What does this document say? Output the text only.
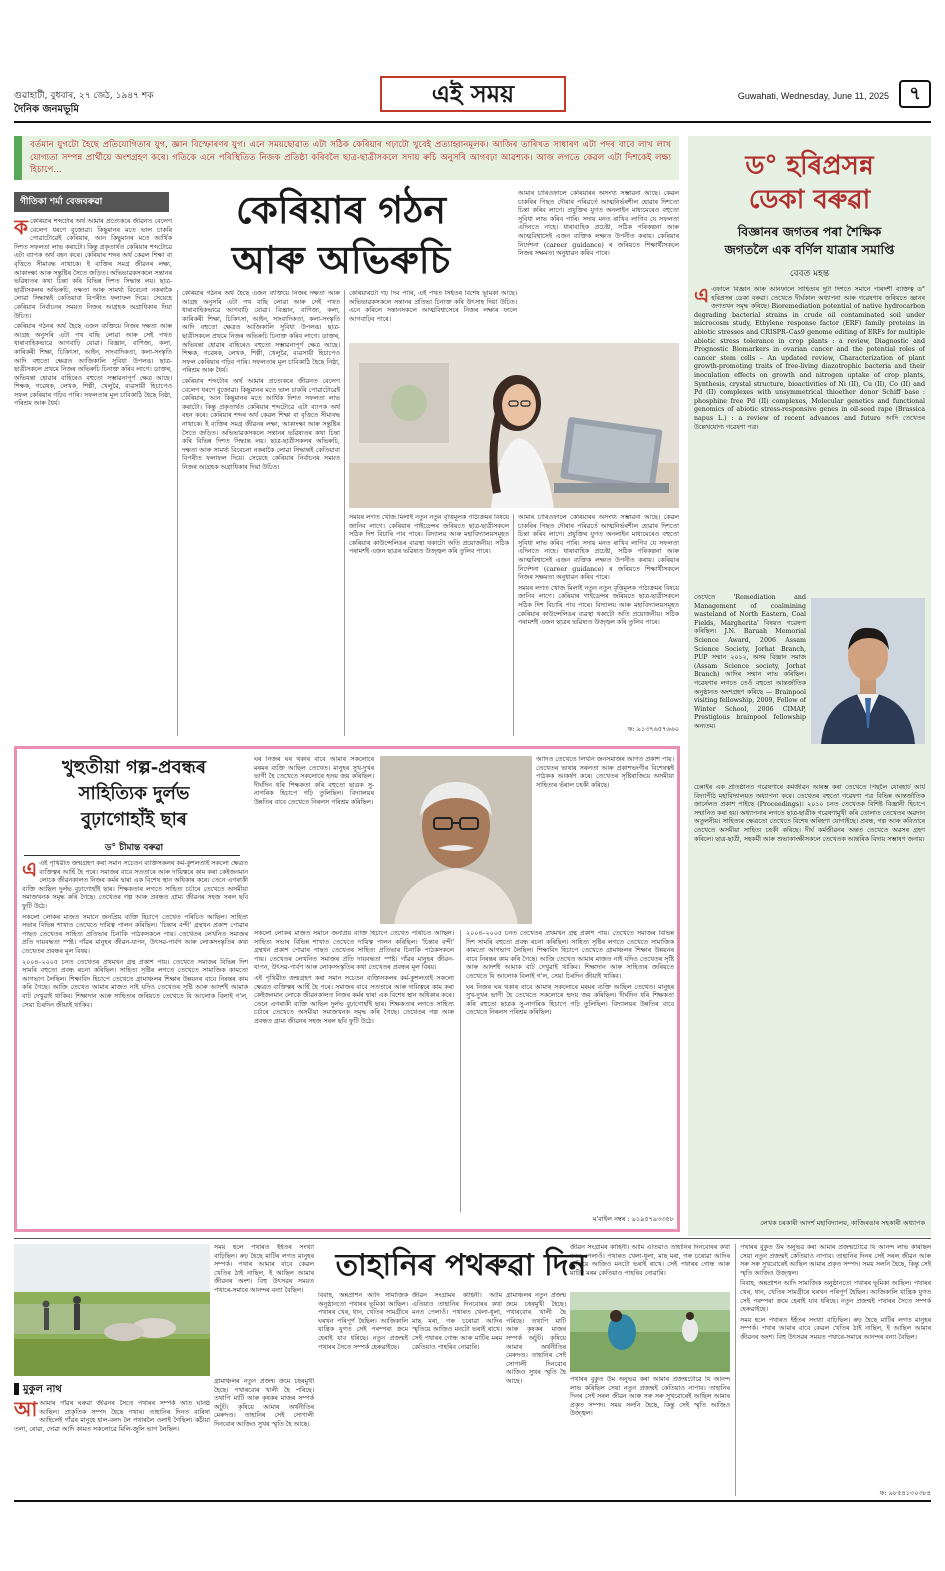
গুৱাহাটী, বুধবাৰ, ২৭ জেঠ, ১৯৪৭ শক
দৈনিক জনমভূমি
এই সময়	Guwahati, Wednesday, June 11, 2025	৭
বৰ্তমান যুগটো হৈছে প্ৰতিযোগিতাৰ যুগ, জ্ঞান বিস্ফোৰণৰ যুগ। এনে সময়ছোৱাত এটা সঠিক কেৰিয়াৰ গঢ়াটো খুবেই প্ৰত্যাহ্বানমূলক। আজিৰ তাৰিখত সাধাৰণ এটা পদৰ বাবে লাখ লাখ যোগ্যতা সম্পন্ন প্ৰাৰ্থীয়ে অংশগ্ৰহণ কৰে। গতিকে এনে পৰিস্থিতিত নিজক প্ৰতিষ্ঠা কৰিবলৈ ছাত্ৰ-ছাত্ৰীসকলে সদায় ৰুচি অনুসৰি আগবঢ়া আৱশ্যক। আজ লগতে কেৱল এটা দিশকেই লক্ষ্য হিচাপে...
গীতিকা শৰ্মা বেজবৰুৱা	কেৰিয়াৰ গঠন
আৰু অভিৰুচি
ক কেৰিয়াৰ শব্দটোৰ অৰ্থ আমাৰ প্ৰত্যেকৰে জীৱনত বেলেগ বেলেগ ধৰণে বুজোৱা। কিছুমানৰ মতে ভাল চাকৰি পোৱাটোৱেই কেৰিয়াৰ, আন কিছুমানৰ মতে আৰ্থিক দিশত সফলতা লাভ কৰাটো। কিন্তু প্ৰকৃতাৰ্থত কেৰিয়াৰ শব্দটোৱে এটা ব্যাপক অৰ্থ বহন কৰে। কেৰিয়াৰ শব্দৰ অৰ্থ কেৱল শিক্ষা বা বৃত্তিতে সীমাবদ্ধ নাথাকে। ই ব্যক্তিৰ সমগ্ৰ জীৱনৰ লক্ষ্য, আকাংক্ষা আৰু সন্তুষ্টিৰ সৈতে জড়িত। অভিভাৱকসকলে সন্তানৰ ভৱিষ্যতৰ কথা চিন্তা কৰি বিভিন্ন দিশত সিদ্ধান্ত লয়। ছাত্ৰ-ছাত্ৰীসকলৰ অভিৰুচি, দক্ষতা আৰু সামৰ্থ্য বিবেচনা নকৰাকৈ লোৱা সিদ্ধান্তই কেতিয়াবা বিপৰীত ফলাফল দিয়ে। সেয়েহে কেৰিয়াৰ নিৰ্বাচনৰ সময়ত নিজৰ আগ্ৰহক অগ্ৰাধিকাৰ দিয়া উচিত।

কেৰিয়াৰ গঠনৰ অৰ্থ হৈছে এজন ব্যক্তিয়ে নিজৰ দক্ষতা আৰু আগ্ৰহ অনুসৰি এটা পথ বাছি লোৱা আৰু সেই পথত ধাৰাবাহিকভাৱে আগবাঢ়ি যোৱা। বিজ্ঞান, বাণিজ্য, কলা, কাৰিকৰী শিক্ষা, চিকিৎসা, আইন, সাংবাদিকতা, কলা-সংস্কৃতি আদি বহুতো ক্ষেত্ৰত আজিকালি সুবিধা উপলব্ধ। ছাত্ৰ-ছাত্ৰীসকলে প্ৰথমে নিজৰ অভিৰুচি চিনাক্ত কৰিব লাগে। ডাক্তৰ, অভিযন্তা হোৱাৰ বাহিৰেও বহুতো সম্ভাৱনাপূৰ্ণ ক্ষেত্ৰ আছে। শিক্ষক, গৱেষক, লেখক, শিল্পী, খেলুৱৈ, ব্যৱসায়ী হিচাপেও সফল কেৰিয়াৰ গঢ়িব পাৰি। সফলতাৰ মূল চাবিকাঠি হৈছে নিষ্ঠা, পৰিশ্ৰম আৰু ধৈৰ্য।
কেৰিয়াৰ গঠনৰ অৰ্থ হৈছে এজন ব্যক্তিয়ে নিজৰ দক্ষতা আৰু আগ্ৰহ অনুসৰি এটা পথ বাছি লোৱা আৰু সেই পথত ধাৰাবাহিকভাৱে আগবাঢ়ি যোৱা। বিজ্ঞান, বাণিজ্য, কলা, কাৰিকৰী শিক্ষা, চিকিৎসা, আইন, সাংবাদিকতা, কলা-সংস্কৃতি আদি বহুতো ক্ষেত্ৰত আজিকালি সুবিধা উপলব্ধ। ছাত্ৰ-ছাত্ৰীসকলে প্ৰথমে নিজৰ অভিৰুচি চিনাক্ত কৰিব লাগে। ডাক্তৰ, অভিযন্তা হোৱাৰ বাহিৰেও বহুতো সম্ভাৱনাপূৰ্ণ ক্ষেত্ৰ আছে। শিক্ষক, গৱেষক, লেখক, শিল্পী, খেলুৱৈ, ব্যৱসায়ী হিচাপেও সফল কেৰিয়াৰ গঢ়িব পাৰি। সফলতাৰ মূল চাবিকাঠি হৈছে নিষ্ঠা, পৰিশ্ৰম আৰু ধৈৰ্য।

কেৰিয়াৰ শব্দটোৰ অৰ্থ আমাৰ প্ৰত্যেকৰে জীৱনত বেলেগ বেলেগ ধৰণে বুজোৱা। কিছুমানৰ মতে ভাল চাকৰি পোৱাটোৱেই কেৰিয়াৰ, আন কিছুমানৰ মতে আৰ্থিক দিশত সফলতা লাভ কৰাটো। কিন্তু প্ৰকৃতাৰ্থত কেৰিয়াৰ শব্দটোৱে এটা ব্যাপক অৰ্থ বহন কৰে। কেৰিয়াৰ শব্দৰ অৰ্থ কেৱল শিক্ষা বা বৃত্তিতে সীমাবদ্ধ নাথাকে। ই ব্যক্তিৰ সমগ্ৰ জীৱনৰ লক্ষ্য, আকাংক্ষা আৰু সন্তুষ্টিৰ সৈতে জড়িত। অভিভাৱকসকলে সন্তানৰ ভৱিষ্যতৰ কথা চিন্তা কৰি বিভিন্ন দিশত সিদ্ধান্ত লয়। ছাত্ৰ-ছাত্ৰীসকলৰ অভিৰুচি, দক্ষতা আৰু সামৰ্থ্য বিবেচনা নকৰাকৈ লোৱা সিদ্ধান্তই কেতিয়াবা বিপৰীত ফলাফল দিয়ে। সেয়েহে কেৰিয়াৰ নিৰ্বাচনৰ সময়ত নিজৰ আগ্ৰহক অগ্ৰাধিকাৰ দিয়া উচিত।
কেৰিয়াৰটো গঢ় দিব পাৰি, এই পথত সিহঁতৰ বিশেষ ভূমিকা আছে। অভিভাৱকসকলে সন্তানৰ প্ৰতিভা চিনাক্ত কৰি উৎসাহ দিয়া উচিত। এনে কৰিলে সন্তানসকলে আত্মবিশ্বাসেৰে নিজৰ লক্ষ্যৰ ফালে আগবাঢ়িব পাৰে।
সময়ৰ লগত খোজ মিলাই নতুন নতুন বৃত্তিমূলক পাঠ্যক্ৰমৰ বিষয়ে জানিব লাগে। কেৰিয়াৰ গাইডেন্সৰ জৰিয়তে ছাত্ৰ-ছাত্ৰীসকলে সঠিক দিশ বিচাৰি পাব পাৰে। বিদ্যালয় আৰু মহাবিদ্যালয়সমূহত কেৰিয়াৰ কাউন্সেলিঙৰ ব্যৱস্থা থকাটো অতি প্ৰয়োজনীয়। সঠিক পৰামৰ্শই এজন ছাত্ৰৰ ভৱিষ্যত উজ্জ্বল কৰি তুলিব পাৰে।
আমাৰ চাৰিওফালে কেৰিয়াৰৰ অসংখ্য সম্ভাৱনা আছে। কেৱল চাকৰিৰ পিছত দৌৰাৰ পৰিৱৰ্তে আত্মনিৰ্ভৰশীল হোৱাৰ দিশতো চিন্তা কৰিব লাগে। প্ৰযুক্তিৰ যুগত অনলাইন মাধ্যমেৰেও বহুতো সুবিধা লাভ কৰিব পাৰি। সদায় মনত ৰাখিব লাগিব যে সফলতা এদিনতে নাহে। ধাৰাবাহিক প্ৰচেষ্টা, সঠিক পৰিকল্পনা আৰু আত্মবিশ্বাসেই এজন ব্যক্তিক লক্ষ্যত উপনীত কৰায়। কেৰিয়াৰ নিৰ্দেশনা (career guidance) ৰ জৰিয়তে শিক্ষাৰ্থীসকলে নিজৰ সক্ষমতা অনুধাৱন কৰিব পাৰে।
আমাৰ চাৰিওফালে কেৰিয়াৰৰ অসংখ্য সম্ভাৱনা আছে। কেৱল চাকৰিৰ পিছত দৌৰাৰ পৰিৱৰ্তে আত্মনিৰ্ভৰশীল হোৱাৰ দিশতো চিন্তা কৰিব লাগে। প্ৰযুক্তিৰ যুগত অনলাইন মাধ্যমেৰেও বহুতো সুবিধা লাভ কৰিব পাৰি। সদায় মনত ৰাখিব লাগিব যে সফলতা এদিনতে নাহে। ধাৰাবাহিক প্ৰচেষ্টা, সঠিক পৰিকল্পনা আৰু আত্মবিশ্বাসেই এজন ব্যক্তিক লক্ষ্যত উপনীত কৰায়। কেৰিয়াৰ নিৰ্দেশনা (career guidance) ৰ জৰিয়তে শিক্ষাৰ্থীসকলে নিজৰ সক্ষমতা অনুধাৱন কৰিব পাৰে।

সময়ৰ লগত খোজ মিলাই নতুন নতুন বৃত্তিমূলক পাঠ্যক্ৰমৰ বিষয়ে জানিব লাগে। কেৰিয়াৰ গাইডেন্সৰ জৰিয়তে ছাত্ৰ-ছাত্ৰীসকলে সঠিক দিশ বিচাৰি পাব পাৰে। বিদ্যালয় আৰু মহাবিদ্যালয়সমূহত কেৰিয়াৰ কাউন্সেলিঙৰ ব্যৱস্থা থকাটো অতি প্ৰয়োজনীয়। সঠিক পৰামৰ্শই এজন ছাত্ৰৰ ভৱিষ্যত উজ্জ্বল কৰি তুলিব পাৰে।
ফ: ৯১৩৭৬৫৭৬৬০
ড° হৰিপ্ৰসন্ন
ডেকা বৰুৱা
বিজ্ঞানৰ জগতৰ পৰা শৈক্ষিক
জগতলৈ এক বৰ্ণিল যাত্ৰাৰ সমাপ্তি
বেবত মহন্ত
এ এফালে বিজ্ঞান আৰু আনফালে সাহিত্যৰ দুটা দিশতে সমানে পাৰদৰ্শী ব্যক্তিত্ব ড° হৰিপ্ৰসন্ন ডেকা বৰুৱা। তেখেতে দীৰ্ঘকাল অধ্যাপনা আৰু গৱেষণাৰ জৰিয়তে জ্ঞানৰ জগতখন সমৃদ্ধ কৰিছে। Bioremediation potential of native hydrocarbon degrading bacterial strains in crude oil contaminated soil under microcosm study, Ethylene response factor (ERF) family proteins in abiotic stresses and CRISPR–Cas9 genome editing of ERFs for multiple abiotic stress tolerance in crop plants : a review, Diagnostic and Prognostic Biomarkers in ovarian cancer and the potential roles of cancer stem cells – An updated review, Characterization of plant growth-promoting traits of free-living diazotrophic bacteria and their inoculation effects on growth and nitrogen uptake of crop plants, Synthesis, crystal structure, bioactivities of Ni (II), Cu (II), Co (II) and Pd (II) complexes with unsymmetrical thioether donor Schiff base : phosphine free Pd (II) complexes, Molecular genetics and functional genomics of abiotic stress-responsive genes in oil-seed rape (Brassica napus L.) : a review of recent advances and future আদি তেখেতৰ উল্লেখযোগ্য গৱেষণা পত্ৰ।
তেখেতে 'Remediation and Management of coalmining wasteland of North Eastern, Coal Fields, Margherita' বিষয়ত গৱেষণা কৰিছিল। J.N. Baruah Memorial Science Award, 2006 Assam Science Society, Jorhat Branch, PUP সম্মান ২০১২, অসম বিজ্ঞান সমাজ (Assam Science society, Jorhat Branch) আদিৰ সন্মান লাভ কৰিছিল। গৱেষণাৰ লগতে তেওঁ বহুতো আন্তৰ্জাতিক অনুষ্ঠানত অংশগ্ৰহণ কৰিছে — Brainpool visiting fellowship, 2009, Fellow of Winter School, 2006 CIMAP, Prestigious brainpool fellowship অন্যতম।
চেন্নাইৰ এক প্ৰতিষ্ঠানত গৱেষণাৰে কৰ্মজীৱন আৰম্ভ কৰা তেখেতে পিছলৈ যোৰহাট আৰ্য বিদ্যাপীঠ মহাবিদ্যালয়ত অধ্যাপনা কৰে। তেখেতৰ বহুতো গৱেষণা পত্ৰ বিভিন্ন আন্তৰ্জাতিক জাৰ্নেলত প্ৰকাশ পাইছে (Proceedings)। ২০১০ চনত তেখেতক বিশিষ্ট বিজ্ঞানী হিচাপে সন্মানিত কৰা হয়। অধ্যাপনাৰ লগতে ছাত্ৰ-ছাত্ৰীক গৱেষণামুখী কৰি তোলাত তেখেতৰ অৱদান অতুলনীয়। সাহিত্যৰ ক্ষেত্ৰতো তেখেতে বিশেষ অৰিহণা যোগাইছে। প্ৰবন্ধ, গল্প আৰু কবিতাৰে তেখেতে অসমীয়া সাহিত্য চহকী কৰিছে। দীৰ্ঘ কৰ্মজীৱনৰ অন্তত তেখেতে অৱসৰ গ্ৰহণ কৰিলে। ছাত্ৰ-ছাত্ৰী, সহকৰ্মী আৰু শুভাকাংক্ষীসকলে তেখেতক আন্তৰিক বিদায় সম্ভাষণ জনায়।
লেখক চৰকাৰী আদৰ্শ মহাবিদ্যালয়, কাজিৰঙাৰ সহকাৰী অধ্যাপক
খুহুতীয়া গল্প-প্ৰবন্ধৰ
সাহিত্যিক দুৰ্লভ
বুঢ়াগোহাঁই ছাৰ
ড° চীমান্ত বৰুৱা
এ এই পৃথিৱীত জন্মগ্ৰহণ কৰা সমান সচেতন ব্যক্তিসকলৰ কৰ্ম-কুশলতাই সকলো ক্ষেত্ৰত ব্যক্তিত্বৰ আৰ্হি হৈ পৰে। সমাজৰ বাবে সততাৰে আৰু দায়িত্বৰে কাম কৰা কেইজনমান লোকে জীৱনকালত নিজৰ কৰ্মৰ দ্বাৰা এক বিশেষ স্থান অধিকাৰ কৰে। তেনে এগৰাকী ব্যক্তি আছিল দুৰ্লভ বুঢ়াগোহাঁই ছাৰ। শিক্ষকতাৰ লগতে সাহিত্য চৰ্চাৰে তেখেতে অসমীয়া সমাজখনক সমৃদ্ধ কৰি গৈছে। তেখেতৰ গল্প আৰু প্ৰবন্ধত গ্ৰাম্য জীৱনৰ সহজ সৰল ছবি ফুটি উঠে।

সকলো লোকৰ মাজত সমানে জনপ্ৰিয় ব্যক্তি হিচাপে তেখেত পৰিচিত আছিল। সাহিত্য সভাৰ বিভিন্ন শাখাত তেখেতে দায়িত্ব পালন কৰিছিল। 'চিন্তাৰ বন্দী' গ্ৰন্থখন প্ৰকাশ পোৱাৰ পাছত তেখেতৰ সাহিত্য প্ৰতিভাৰ চিনাকি পাঠকসকলে পায়। তেখেতৰ লেখনিত সমাজৰ প্ৰতি দায়বদ্ধতা স্পষ্ট। গাঁৱৰ মানুহৰ জীৱন-যাপন, উৎসৱ-পাৰ্বণ আৰু লোকসংস্কৃতিৰ কথা তেখেতৰ প্ৰবন্ধৰ মূল বিষয়।

২০০৪–২০০৫ চনত তেখেতৰ প্ৰথমখন গ্ৰন্থ প্ৰকাশ পায়। তেখেতে সমাজৰ বিভিন্ন দিশ সামৰি বহুতো প্ৰবন্ধ ৰচনা কৰিছিল। সাহিত্য সৃষ্টিৰ লগতে তেখেতে সামাজিক কামতো আগভাগ লৈছিল। শিক্ষাবিদ হিচাপে তেখেতে গ্ৰামাঞ্চলৰ শিক্ষাৰ উন্নয়নৰ বাবে নিৰন্তৰ কাম কৰি গৈছে। আজি তেখেত আমাৰ মাজত নাই যদিও তেখেতৰ সৃষ্টি আৰু আদৰ্শই আমাক বাট দেখুৱাই থাকিব। শিক্ষাদান আৰু সাহিত্যৰ জৰিয়তে তেখেতে যি আলোক বিলাই গ'ল, সেয়া চিৰদিন জীয়াই থাকিব।
ঘৰ নিজৰ ঘৰ থকাৰ বাবে আমাৰ সকলোৰে মৰমৰ ব্যক্তি আছিল তেখেত। মানুহৰ সুখ-দুখৰ ভাগী হৈ তেখেতে সকলোৰে হৃদয় জয় কৰিছিল। দীৰ্ঘদিন ধৰি শিক্ষকতা কৰি বহুতো ছাত্ৰক সু-নাগৰিক হিচাপে গঢ়ি তুলিছিল। বিদ্যালয়ৰ উন্নতিৰ বাবে তেখেতে নিৰলস পৰিশ্ৰম কৰিছিল।
আদিত তেখেতে লিখনি জনসমাজৰ আগত প্ৰকাশ পায়। তেখেতৰ ভাষাৰ সৰলতা আৰু প্ৰকাশভংগীৰ বিশেষত্বই পাঠকক আকৰ্ষণ কৰে। তেখেতৰ সৃষ্টিৰাজিয়ে অসমীয়া সাহিত্যৰ ভঁৰাল চহকী কৰিছে।
সকলো লোকৰ মাজত সমানে জনপ্ৰিয় ব্যক্তি হিচাপে তেখেত পৰিচিত আছিল। সাহিত্য সভাৰ বিভিন্ন শাখাত তেখেতে দায়িত্ব পালন কৰিছিল। 'চিন্তাৰ বন্দী' গ্ৰন্থখন প্ৰকাশ পোৱাৰ পাছত তেখেতৰ সাহিত্য প্ৰতিভাৰ চিনাকি পাঠকসকলে পায়। তেখেতৰ লেখনিত সমাজৰ প্ৰতি দায়বদ্ধতা স্পষ্ট। গাঁৱৰ মানুহৰ জীৱন-যাপন, উৎসৱ-পাৰ্বণ আৰু লোকসংস্কৃতিৰ কথা তেখেতৰ প্ৰবন্ধৰ মূল বিষয়।

এই পৃথিৱীত জন্মগ্ৰহণ কৰা সমান সচেতন ব্যক্তিসকলৰ কৰ্ম-কুশলতাই সকলো ক্ষেত্ৰত ব্যক্তিত্বৰ আৰ্হি হৈ পৰে। সমাজৰ বাবে সততাৰে আৰু দায়িত্বৰে কাম কৰা কেইজনমান লোকে জীৱনকালত নিজৰ কৰ্মৰ দ্বাৰা এক বিশেষ স্থান অধিকাৰ কৰে। তেনে এগৰাকী ব্যক্তি আছিল দুৰ্লভ বুঢ়াগোহাঁই ছাৰ। শিক্ষকতাৰ লগতে সাহিত্য চৰ্চাৰে তেখেতে অসমীয়া সমাজখনক সমৃদ্ধ কৰি গৈছে। তেখেতৰ গল্প আৰু প্ৰবন্ধত গ্ৰাম্য জীৱনৰ সহজ সৰল ছবি ফুটি উঠে।
২০০৪–২০০৫ চনত তেখেতৰ প্ৰথমখন গ্ৰন্থ প্ৰকাশ পায়। তেখেতে সমাজৰ বিভিন্ন দিশ সামৰি বহুতো প্ৰবন্ধ ৰচনা কৰিছিল। সাহিত্য সৃষ্টিৰ লগতে তেখেতে সামাজিক কামতো আগভাগ লৈছিল। শিক্ষাবিদ হিচাপে তেখেতে গ্ৰামাঞ্চলৰ শিক্ষাৰ উন্নয়নৰ বাবে নিৰন্তৰ কাম কৰি গৈছে। আজি তেখেত আমাৰ মাজত নাই যদিও তেখেতৰ সৃষ্টি আৰু আদৰ্শই আমাক বাট দেখুৱাই থাকিব। শিক্ষাদান আৰু সাহিত্যৰ জৰিয়তে তেখেতে যি আলোক বিলাই গ'ল, সেয়া চিৰদিন জীয়াই থাকিব।

ঘৰ নিজৰ ঘৰ থকাৰ বাবে আমাৰ সকলোৰে মৰমৰ ব্যক্তি আছিল তেখেত। মানুহৰ সুখ-দুখৰ ভাগী হৈ তেখেতে সকলোৰে হৃদয় জয় কৰিছিল। দীৰ্ঘদিন ধৰি শিক্ষকতা কৰি বহুতো ছাত্ৰক সু-নাগৰিক হিচাপে গঢ়ি তুলিছিল। বিদ্যালয়ৰ উন্নতিৰ বাবে তেখেতে নিৰলস পৰিশ্ৰম কৰিছিল।
ম'বাইল নম্বৰ : ৯১৯৫৭৯৩৩৫৮
মুকুল নাথ
আ আমাৰ গাঁৱৰ ঘৰুৱা জীৱনৰ সৈতে পথাৰৰ সম্পৰ্ক অতি ঘনিষ্ঠ আছিল। প্ৰাকৃতিক সম্পদ হৈছে পথাৰ। তাহানিৰ দিনত বাৰিষা আহিলেই গাঁৱৰ মানুহে হাল-বলদ লৈ পথাৰলৈ ওলাই গৈছিল। কঠীয়া তলা, ৰোৱা, দোৱা আদি কামত সকলোৱে মিলি-জুলি ভাগ লৈছিল।
সময় হলে পথাৰত ইহঁতৰ সংখ্যা বাঢ়িছিল। ৰুঢ় হৈছে মাটিৰ লগত মানুহৰ সম্পৰ্ক। পথাৰ আমাৰ বাবে কেৱল খেতিৰ ঠাই নাছিল, ই আছিল আমাৰ জীৱনৰ অংশ। বিহু উৎসৱৰ সময়ত পথাৰে-সমাৰে আনন্দৰ বন্যা বৈছিল।
তাহানিৰ পথৰুৱা দিন
গ্ৰামাঞ্চলৰ নতুন প্ৰজন্ম ক্ৰমে চহৰমুখী হৈছে। পথাৰবোৰ খালী হৈ পৰিছে। তথাপি মাটি আৰু কৃষকৰ মাজৰ সম্পৰ্ক অটুট। কৃষিয়ে আমাৰ অৰ্থনীতিৰ মেৰুদণ্ড। তাহানিৰ সেই সোণালী দিনবোৰ আজিও সুখৰ স্মৃতি হৈ আছে।
বিবাহ, অন্নপ্ৰাশন আদি সামাজিক অনুষ্ঠানতো পথাৰৰ ভূমিকা আছিল। পথাৰৰ খেৰ, ধান, খেতিৰ সামগ্ৰীৰে ঘৰখন পৰিপূৰ্ণ হৈছিল। আজিকালি যান্ত্ৰিক যুগত সেই পৰম্পৰা ক্ৰমে হেৰাই যাব ধৰিছে। নতুন প্ৰজন্মই পথাৰৰ সৈতে সম্পৰ্ক হেৰুৱাইছে।
জীৱন সংগ্ৰামৰ কাহিনী। আমি এতিয়াও তাহানিৰ দিনবোৰৰ কথা মনত পেলাওঁ। পথাৰত খেলা-ধূলা, মাছ মৰা, গৰু চৰোৱা আদিৰ স্মৃতিয়ে আজিও মনটো ভৰাই ৰাখে। সেই পথাৰৰ গোন্ধ আৰু মাটিৰ মৰম কেতিয়াও পাহৰিব নোৱাৰি।
গ্ৰামাঞ্চলৰ নতুন প্ৰজন্ম ক্ৰমে চহৰমুখী হৈছে। পথাৰবোৰ খালী হৈ পৰিছে। তথাপি মাটি আৰু কৃষকৰ মাজৰ সম্পৰ্ক অটুট। কৃষিয়ে আমাৰ অৰ্থনীতিৰ মেৰুদণ্ড। তাহানিৰ সেই সোণালী দিনবোৰ আজিও সুখৰ স্মৃতি হৈ আছে।
জীৱন সংগ্ৰামৰ কাহিনী। আমি এতিয়াও তাহানিৰ দিনবোৰৰ কথা মনত পেলাওঁ। পথাৰত খেলা-ধূলা, মাছ মৰা, গৰু চৰোৱা আদিৰ স্মৃতিয়ে আজিও মনটো ভৰাই ৰাখে। সেই পথাৰৰ গোন্ধ আৰু মাটিৰ মৰম কেতিয়াও পাহৰিব নোৱাৰি।
পথাৰৰ বুকুত উম অনুভৱ কৰা আমাৰ প্ৰজন্মটোৱে যি আনন্দ লাভ কৰিছিল সেয়া নতুন প্ৰজন্মই কেতিয়াও নাপাব। তাহানিৰ দিনৰ সেই সৰল জীৱন আৰু সৰু সৰু সুখবোৰেই আছিল আমাৰ প্ৰকৃত সম্পদ। সময় সলনি হৈছে, কিন্তু সেই স্মৃতি আজিও উজ্জ্বল।
পথাৰৰ বুকুত উম অনুভৱ কৰা আমাৰ প্ৰজন্মটোৱে যি আনন্দ লাভ কৰিছিল সেয়া নতুন প্ৰজন্মই কেতিয়াও নাপাব। তাহানিৰ দিনৰ সেই সৰল জীৱন আৰু সৰু সৰু সুখবোৰেই আছিল আমাৰ প্ৰকৃত সম্পদ। সময় সলনি হৈছে, কিন্তু সেই স্মৃতি আজিও উজ্জ্বল।

বিবাহ, অন্নপ্ৰাশন আদি সামাজিক অনুষ্ঠানতো পথাৰৰ ভূমিকা আছিল। পথাৰৰ খেৰ, ধান, খেতিৰ সামগ্ৰীৰে ঘৰখন পৰিপূৰ্ণ হৈছিল। আজিকালি যান্ত্ৰিক যুগত সেই পৰম্পৰা ক্ৰমে হেৰাই যাব ধৰিছে। নতুন প্ৰজন্মই পথাৰৰ সৈতে সম্পৰ্ক হেৰুৱাইছে।

সময় হলে পথাৰত ইহঁতৰ সংখ্যা বাঢ়িছিল। ৰুঢ় হৈছে মাটিৰ লগত মানুহৰ সম্পৰ্ক। পথাৰ আমাৰ বাবে কেৱল খেতিৰ ঠাই নাছিল, ই আছিল আমাৰ জীৱনৰ অংশ। বিহু উৎসৱৰ সময়ত পথাৰে-সমাৰে আনন্দৰ বন্যা বৈছিল।
ফ: ৯৮৫৪১৩০৩৮৪
